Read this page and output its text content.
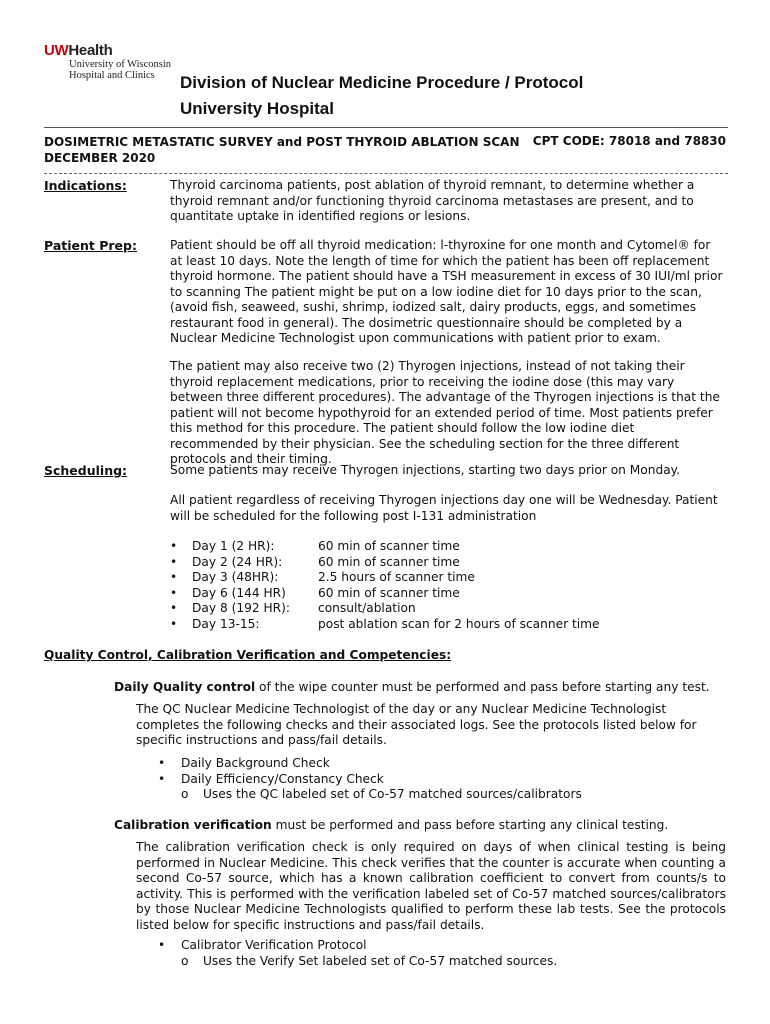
UWHealth
University of Wisconsin
Hospital and Clinics	Division of Nuclear Medicine Procedure / Protocol
University Hospital
DOSIMETRIC METASTATIC SURVEY and POST THYROID ABLATION SCAN
DECEMBER 2020
CPT CODE: 78018 and 78830
Indications:	Thyroid carcinoma patients, post ablation of thyroid remnant, to determine whether a thyroid remnant and/or functioning thyroid carcinoma metastases are present, and to quantitate uptake in identified regions or lesions.
Patient Prep:	Patient should be off all thyroid medication: l-thyroxine for one month and Cytomel® for at least 10 days. Note the length of time for which the patient has been off replacement thyroid hormone. The patient should have a TSH measurement in excess of 30 IUI/ml prior to scanning The patient might be put on a low iodine diet for 10 days prior to the scan, (avoid fish, seaweed, sushi, shrimp, iodized salt, dairy products, eggs, and sometimes restaurant food in general). The dosimetric questionnaire should be completed by a Nuclear Medicine Technologist upon communications with patient prior to exam.
The patient may also receive two (2) Thyrogen injections, instead of not taking their thyroid replacement medications, prior to receiving the iodine dose (this may vary between three different procedures). The advantage of the Thyrogen injections is that the patient will not become hypothyroid for an extended period of time. Most patients prefer this method for this procedure. The patient should follow the low iodine diet recommended by their physician. See the scheduling section for the three different protocols and their timing.
Scheduling:	Some patients may receive Thyrogen injections, starting two days prior on Monday.
All patient regardless of receiving Thyrogen injections day one will be Wednesday. Patient will be scheduled for the following post I-131 administration
•	Day 1 (2 HR):	60 min of scanner time
•	Day 2 (24 HR):	60 min of scanner time
•	Day 3 (48HR):	2.5 hours of scanner time
•	Day 6 (144 HR)	60 min of scanner time
•	Day 8 (192 HR):	consult/ablation
•	Day 13-15:	post ablation scan for 2 hours of scanner time
Quality Control, Calibration Verification and Competencies:
Daily Quality control of the wipe counter must be performed and pass before starting any test.
The QC Nuclear Medicine Technologist of the day or any Nuclear Medicine Technologist completes the following checks and their associated logs. See the protocols listed below for specific instructions and pass/fail details.
•	Daily Background Check
•	Daily Efficiency/Constancy Check
o Uses the QC labeled set of Co-57 matched sources/calibrators
Calibration verification must be performed and pass before starting any clinical testing.
The calibration verification check is only required on days of when clinical testing is being performed in Nuclear Medicine. This check verifies that the counter is accurate when counting a second Co-57 source, which has a known calibration coefficient to convert from counts/s to activity. This is performed with the verification labeled set of Co-57 matched sources/calibrators by those Nuclear Medicine Technologists qualified to perform these lab tests. See the protocols listed below for specific instructions and pass/fail details.
•	Calibrator Verification Protocol
o Uses the Verify Set labeled set of Co-57 matched sources.
